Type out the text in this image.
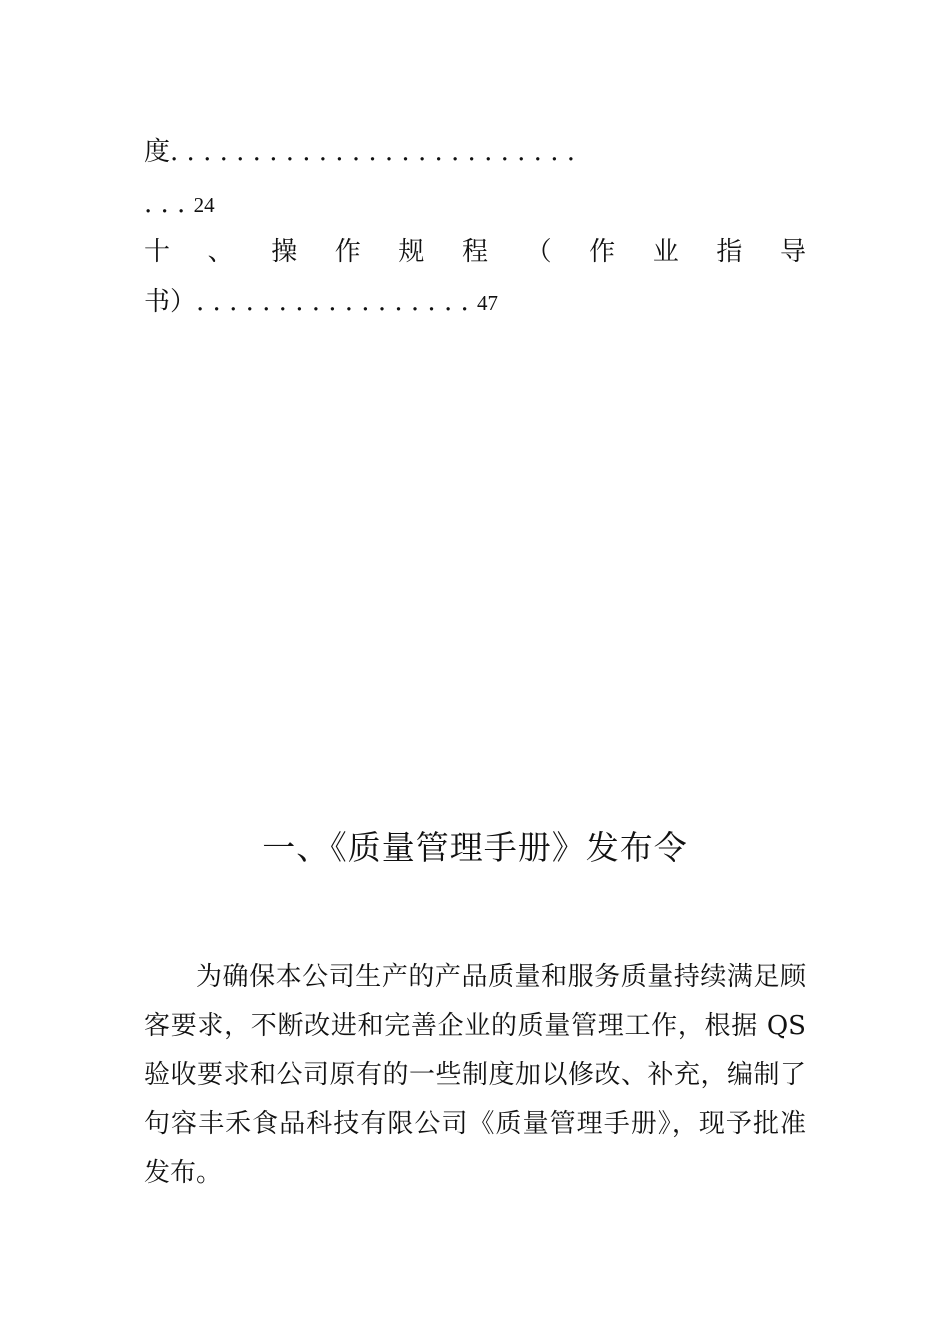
度. . . . . . . . . . . . . . . . . . . . . . . . .
. . . 24
十 、 操 作 规 程 （ 作 业 指 导
书）. . . . . . . . . . . . . . . . . 47
一、《质量管理手册》发布令
为确保本公司生产的产品质量和服务质量持续满足顾客要求，不断改进和完善企业的质量管理工作，根据 QS 验收要求和公司原有的一些制度加以修改、补充，编制了句容丰禾食品科技有限公司《质量管理手册》，现予批准发布。
